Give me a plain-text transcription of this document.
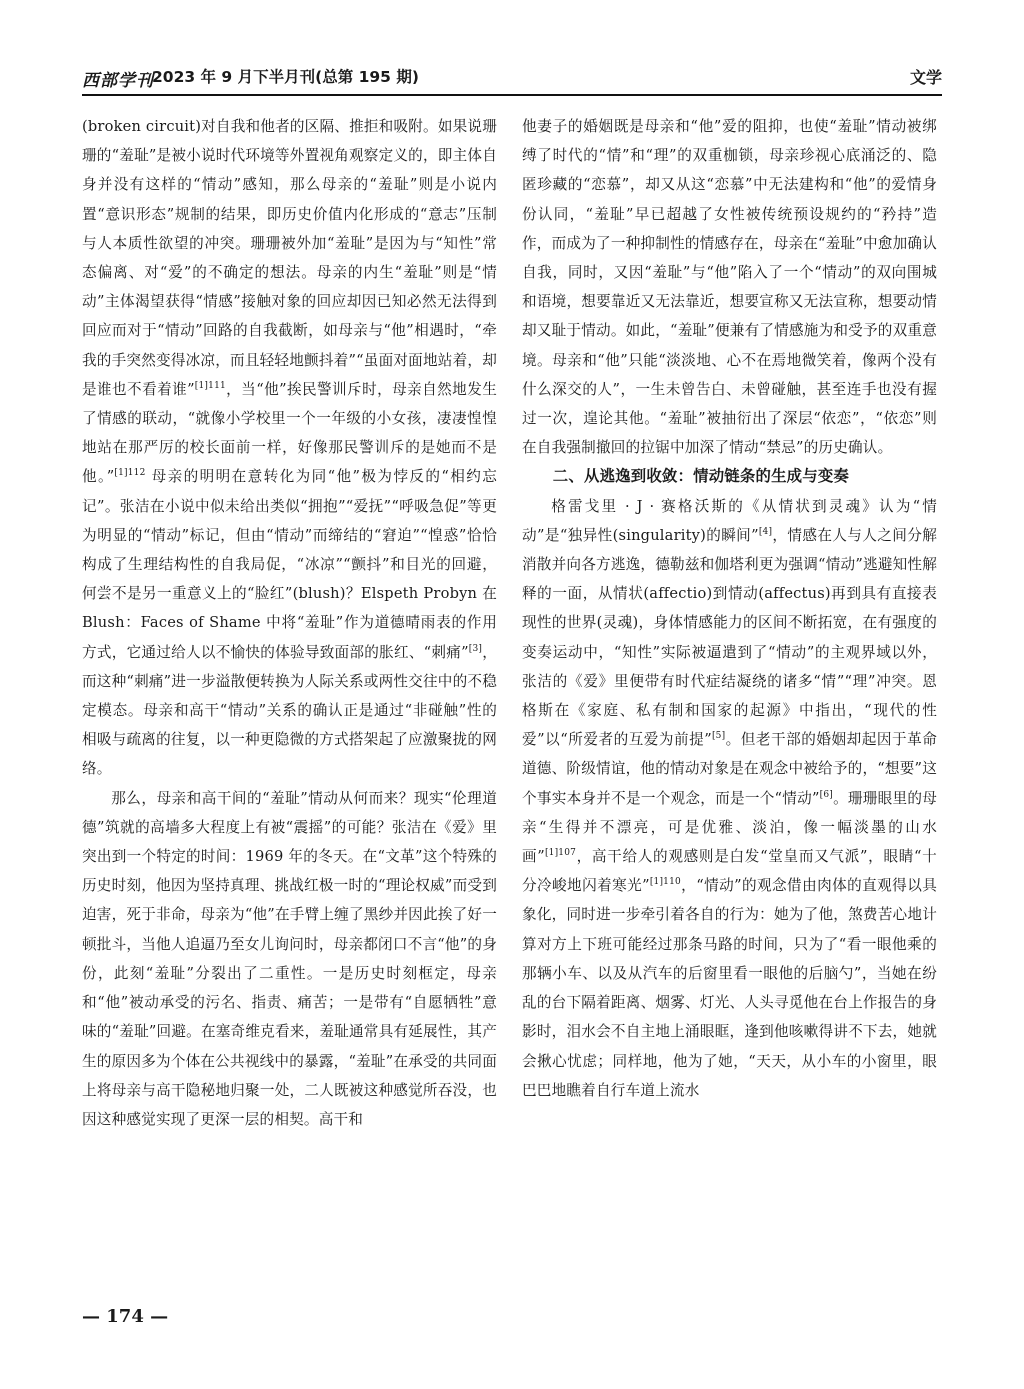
西部学刊
2023 年 9 月下半月刊(总第 195 期)	文学

(broken circuit)对自我和他者的区隔、推拒和吸附。如果说珊珊的“羞耻”是被小说时代环境等外置视角观察定义的，即主体自身并没有这样的“情动”感知，那么母亲的“羞耻”则是小说内置“意识形态”规制的结果，即历史价值内化形成的“意志”压制与人本质性欲望的冲突。珊珊被外加“羞耻”是因为与“知性”常态偏离、对“爱”的不确定的想法。母亲的内生“羞耻”则是“情动”主体渴望获得“情感”接触对象的回应却因已知必然无法得到回应而对于“情动”回路的自我截断，如母亲与“他”相遇时，“牵我的手突然变得冰凉，而且轻轻地颤抖着”“虽面对面地站着，却是谁也不看着谁”$^{[1]111}$，当“他”挨民警训斥时，母亲自然地发生了情感的联动，“就像小学校里一个一年级的小女孩，凄凄惶惶地站在那严厉的校长面前一样，好像那民警训斥的是她而不是他。”$^{[1]112}$ 母亲的明明在意转化为同“他”极为悖反的“相约忘记”。张洁在小说中似未给出类似“拥抱”“爱抚”“呼吸急促”等更为明显的“情动”标记，但由“情动”而缔结的“窘迫”“惶惑”恰恰构成了生理结构性的自我局促，“冰凉”“颤抖”和目光的回避，何尝不是另一重意义上的“脸红”(blush)？Elspeth Probyn 在 Blush：Faces of Shame 中将“羞耻”作为道德晴雨表的作用方式，它通过给人以不愉快的体验导致面部的胀红、“刺痛”[3]，而这种“刺痛”进一步溢散便转换为人际关系或两性交往中的不稳定模态。母亲和高干“情动”关系的确认正是通过“非碰触”性的相吸与疏离的往复，以一种更隐微的方式搭架起了应激聚拢的网络。

那么，母亲和高干间的“羞耻”情动从何而来？现实“伦理道德”筑就的高墙多大程度上有被“震摇”的可能？张洁在《爱》里突出到一个特定的时间：1969 年的冬天。在“文革”这个特殊的历史时刻，他因为坚持真理、挑战红极一时的“理论权威”而受到迫害，死于非命，母亲为“他”在手臂上缠了黑纱并因此挨了好一顿批斗，当他人追逼乃至女儿询问时，母亲都闭口不言“他”的身份，此刻“羞耻”分裂出了二重性。一是历史时刻框定，母亲和“他”被动承受的污名、指责、痛苦；一是带有“自愿牺牲”意味的“羞耻”回避。在塞奇维克看来，羞耻通常具有延展性，其产生的原因多为个体在公共视线中的暴露，“羞耻”在承受的共同面上将母亲与高干隐秘地归聚一处，二人既被这种感觉所吞没，也因这种感觉实现了更深一层的相契。高干和

他妻子的婚姻既是母亲和“他”爱的阻抑，也使“羞耻”情动被绑缚了时代的“情”和“理”的双重枷锁，母亲珍视心底涌泛的、隐匿珍藏的“恋慕”，却又从这“恋慕”中无法建构和“他”的爱情身份认同，“羞耻”早已超越了女性被传统预设规约的“矜持”造作，而成为了一种抑制性的情感存在，母亲在“羞耻”中愈加确认自我，同时，又因“羞耻”与“他”陷入了一个“情动”的双向围城和语境，想要靠近又无法靠近，想要宣称又无法宣称，想要动情却又耻于情动。如此，“羞耻”便兼有了情感施为和受予的双重意境。母亲和“他”只能“淡淡地、心不在焉地微笑着，像两个没有什么深交的人”，一生未曾告白、未曾碰触，甚至连手也没有握过一次，遑论其他。“羞耻”被抽衍出了深层“依恋”，“依恋”则在自我强制撤回的拉锯中加深了情动“禁忌”的历史确认。

二、从逃逸到收敛：情动链条的生成与变奏

格雷戈里 · J · 赛格沃斯的《从情状到灵魂》认为“情动”是“独异性(singularity)的瞬间”[4]，情感在人与人之间分解消散并向各方逃逸，德勒兹和伽塔利更为强调“情动”逃避知性解释的一面，从情状(affectio)到情动(affectus)再到具有直接表现性的世界(灵魂)，身体情感能力的区间不断拓宽，在有强度的变奏运动中，“知性”实际被逼遣到了“情动”的主观界域以外，张洁的《爱》里便带有时代症结凝绕的诸多“情”“理”冲突。恩格斯在《家庭、私有制和国家的起源》中指出，“现代的性爱”以“所爱者的互爱为前提”[5]。但老干部的婚姻却起因于革命道德、阶级情谊，他的情动对象是在观念中被给予的，“想要”这个事实本身并不是一个观念，而是一个“情动”[6]。珊珊眼里的母亲“生得并不漂亮，可是优雅、淡泊，像一幅淡墨的山水画”$^{[1]107}$，高干给人的观感则是白发“堂皇而又气派”，眼睛“十分冷峻地闪着寒光”$^{[1]110}$，“情动”的观念借由肉体的直观得以具象化，同时进一步牵引着各自的行为：她为了他，煞费苦心地计算对方上下班可能经过那条马路的时间，只为了“看一眼他乘的那辆小车、以及从汽车的后窗里看一眼他的后脑勺”，当她在纷乱的台下隔着距离、烟雾、灯光、人头寻觅他在台上作报告的身影时，泪水会不自主地上涌眼眶，逢到他咳嗽得讲不下去，她就会揪心忧虑；同样地，他为了她，“天天，从小车的小窗里，眼巴巴地瞧着自行车道上流水

— 174 —
